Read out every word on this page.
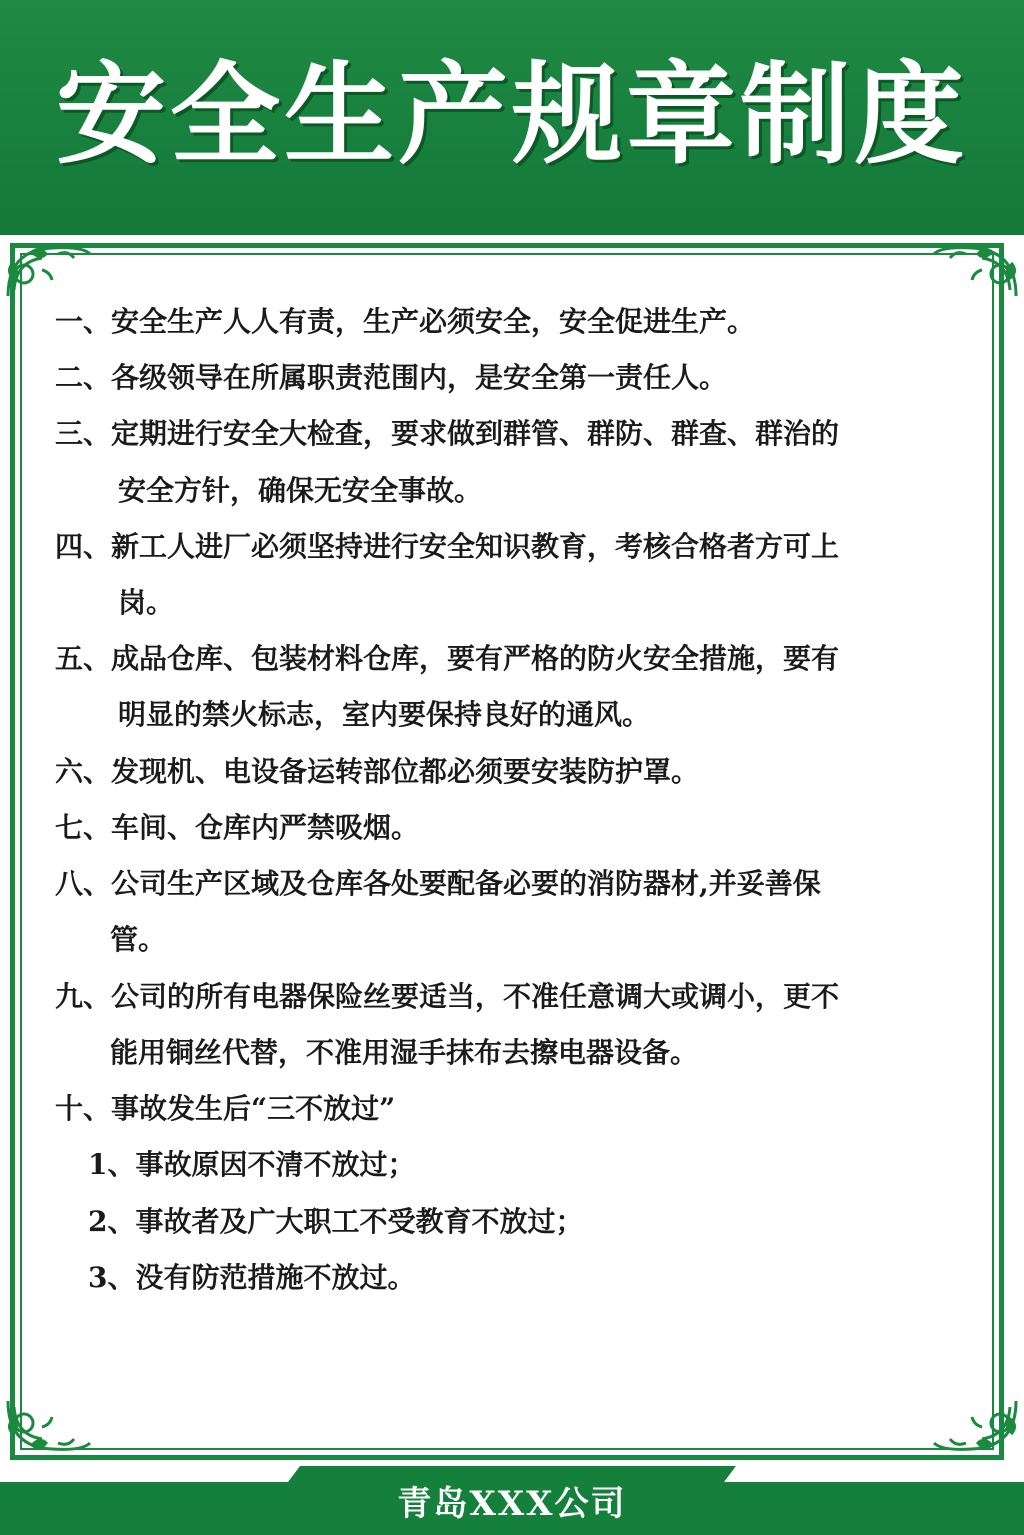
安全生产规章制度
一、安全生产人人有责，生产必须安全，安全促进生产。
二、各级领导在所属职责范围内，是安全第一责任人。
三、定期进行安全大检查，要求做到群管、群防、群查、群治的
安全方针，确保无安全事故。
四、新工人进厂必须坚持进行安全知识教育，考核合格者方可上
岗。
五、成品仓库、包装材料仓库，要有严格的防火安全措施，要有
明显的禁火标志，室内要保持良好的通风。
六、发现机、电设备运转部位都必须要安装防护罩。
七、车间、仓库内严禁吸烟。
八、公司生产区域及仓库各处要配备必要的消防器材,并妥善保
管。
九、公司的所有电器保险丝要适当，不准任意调大或调小，更不
能用铜丝代替，不准用湿手抹布去擦电器设备。
十、事故发生后“三不放过”
1、事故原因不清不放过；
2、事故者及广大职工不受教育不放过；
3、没有防范措施不放过。
青岛XXX公司
